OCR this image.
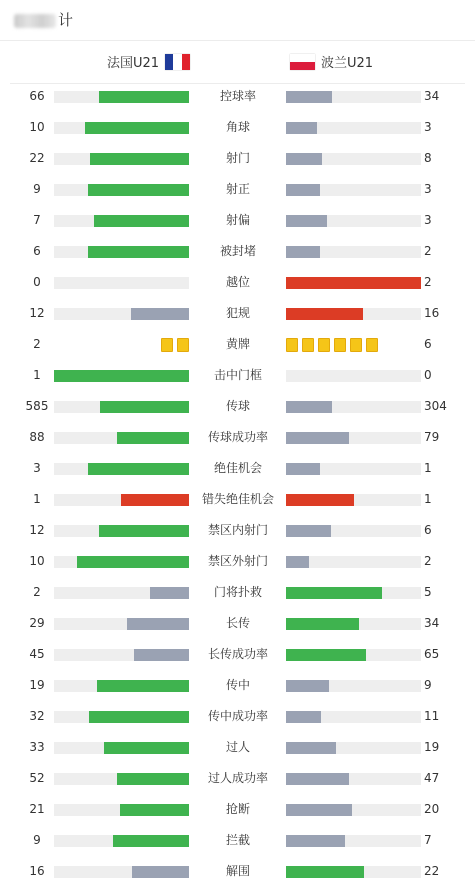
计
法国U21	波兰U21
66	控球率	34
10	角球	3
22	射门	8
9	射正	3
7	射偏	3
6	被封堵	2
0	越位	2
12	犯规	16
2	黄牌	6
1	击中门框	0
585	传球	304
88	传球成功率	79
3	绝佳机会	1
1	错失绝佳机会	1
12	禁区内射门	6
10	禁区外射门	2
2	门将扑救	5
29	长传	34
45	长传成功率	65
19	传中	9
32	传中成功率	11
33	过人	19
52	过人成功率	47
21	抢断	20
9	拦截	7
16	解围	22
